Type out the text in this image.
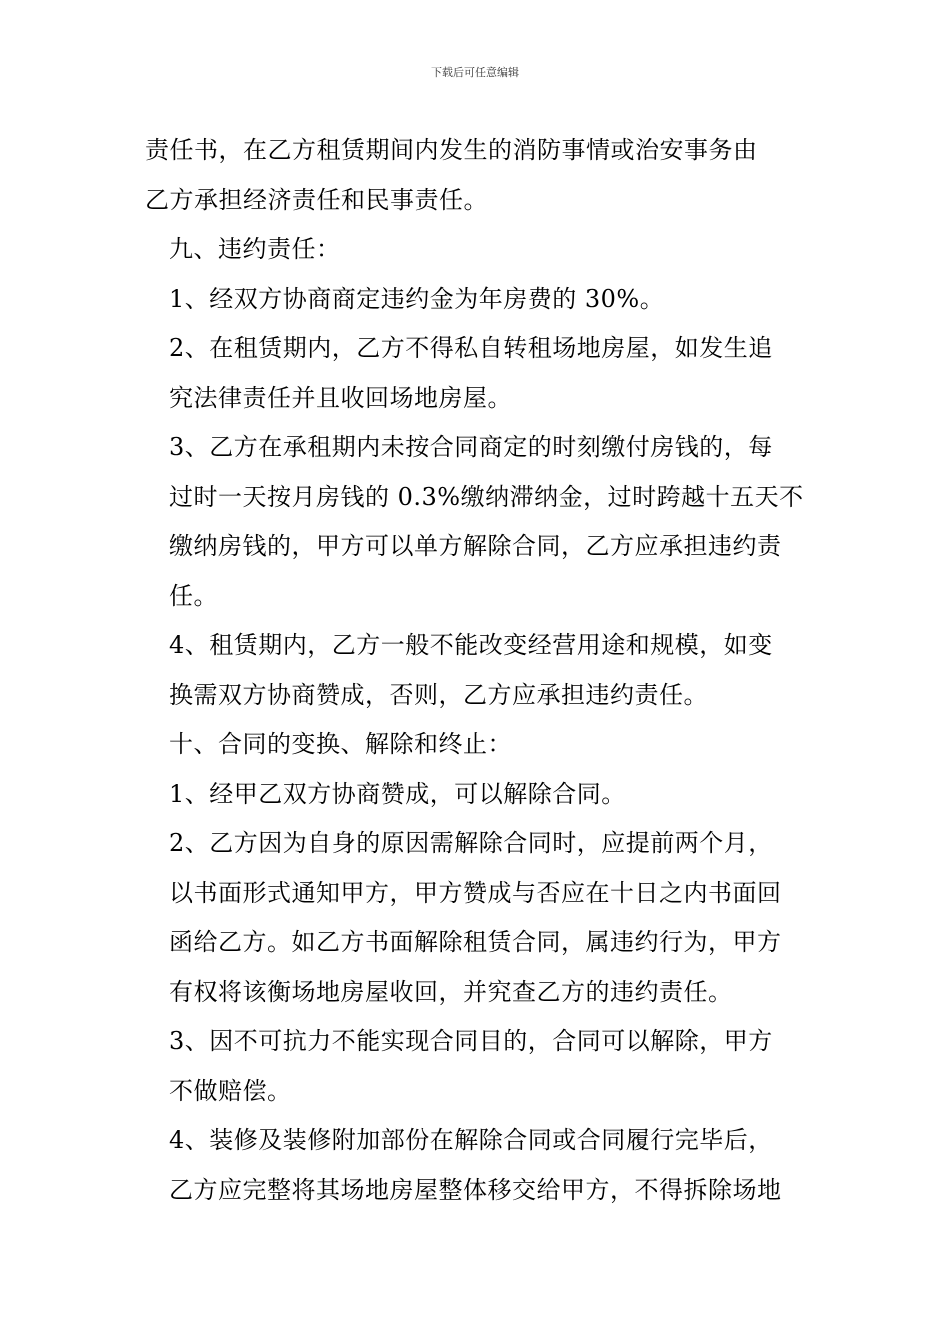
下载后可任意编辑

责任书，在乙方租赁期间内发生的消防事情或治安事务由
乙方承担经济责任和民事责任。

九、违约责任：

1、经双方协商商定违约金为年房费的 30%。

2、在租赁期内，乙方不得私自转租场地房屋，如发生追
究法律责任并且收回场地房屋。

3、乙方在承租期内未按合同商定的时刻缴付房钱的，每
过时一天按月房钱的 0.3%缴纳滞纳金，过时跨越十五天不
缴纳房钱的，甲方可以单方解除合同，乙方应承担违约责
任。

4、租赁期内，乙方一般不能改变经营用途和规模，如变
换需双方协商赞成，否则，乙方应承担违约责任。

十、合同的变换、解除和终止：

1、经甲乙双方协商赞成，可以解除合同。

2、乙方因为自身的原因需解除合同时，应提前两个月，
以书面形式通知甲方，甲方赞成与否应在十日之内书面回
函给乙方。如乙方书面解除租赁合同，属违约行为，甲方
有权将该衡场地房屋收回，并究查乙方的违约责任。

3、因不可抗力不能实现合同目的，合同可以解除，甲方
不做赔偿。

4、装修及装修附加部份在解除合同或合同履行完毕后，
乙方应完整将其场地房屋整体移交给甲方，不得拆除场地
